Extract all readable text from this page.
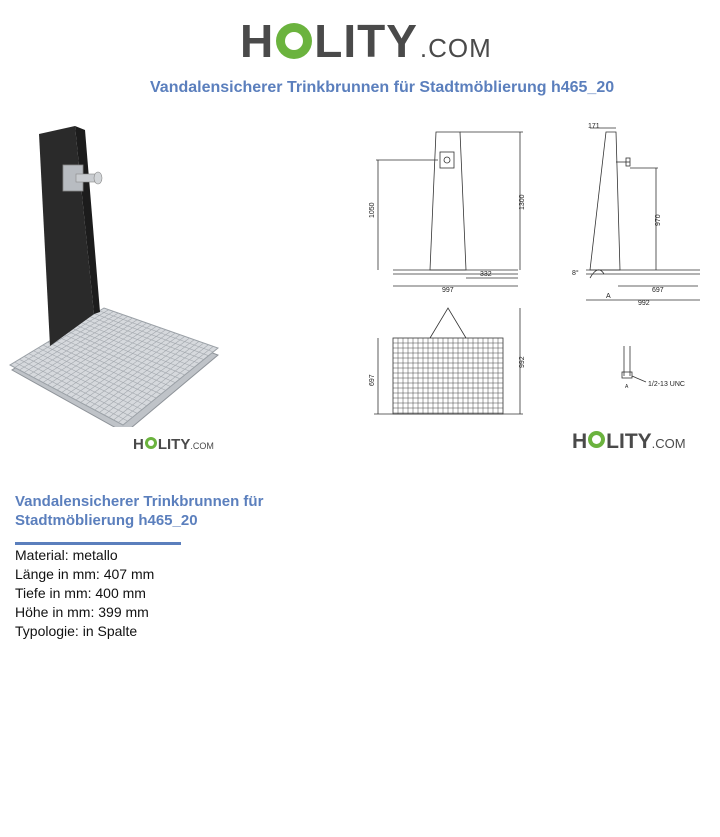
H LITY .COM
Vandalensicherer Trinkbrunnen für Stadtmöblierung h465_20
H LITY .COM
171
1050
1300
970
332	8°
A
997	697
992
697
992
1/2-13 UNC
A
H LITY .COM
Vandalensicherer Trinkbrunnen für
Stadtmöblierung h465_20
Material: metallo
Länge in mm: 407 mm
Tiefe in mm: 400 mm
Höhe in mm: 399 mm
Typologie: in Spalte
